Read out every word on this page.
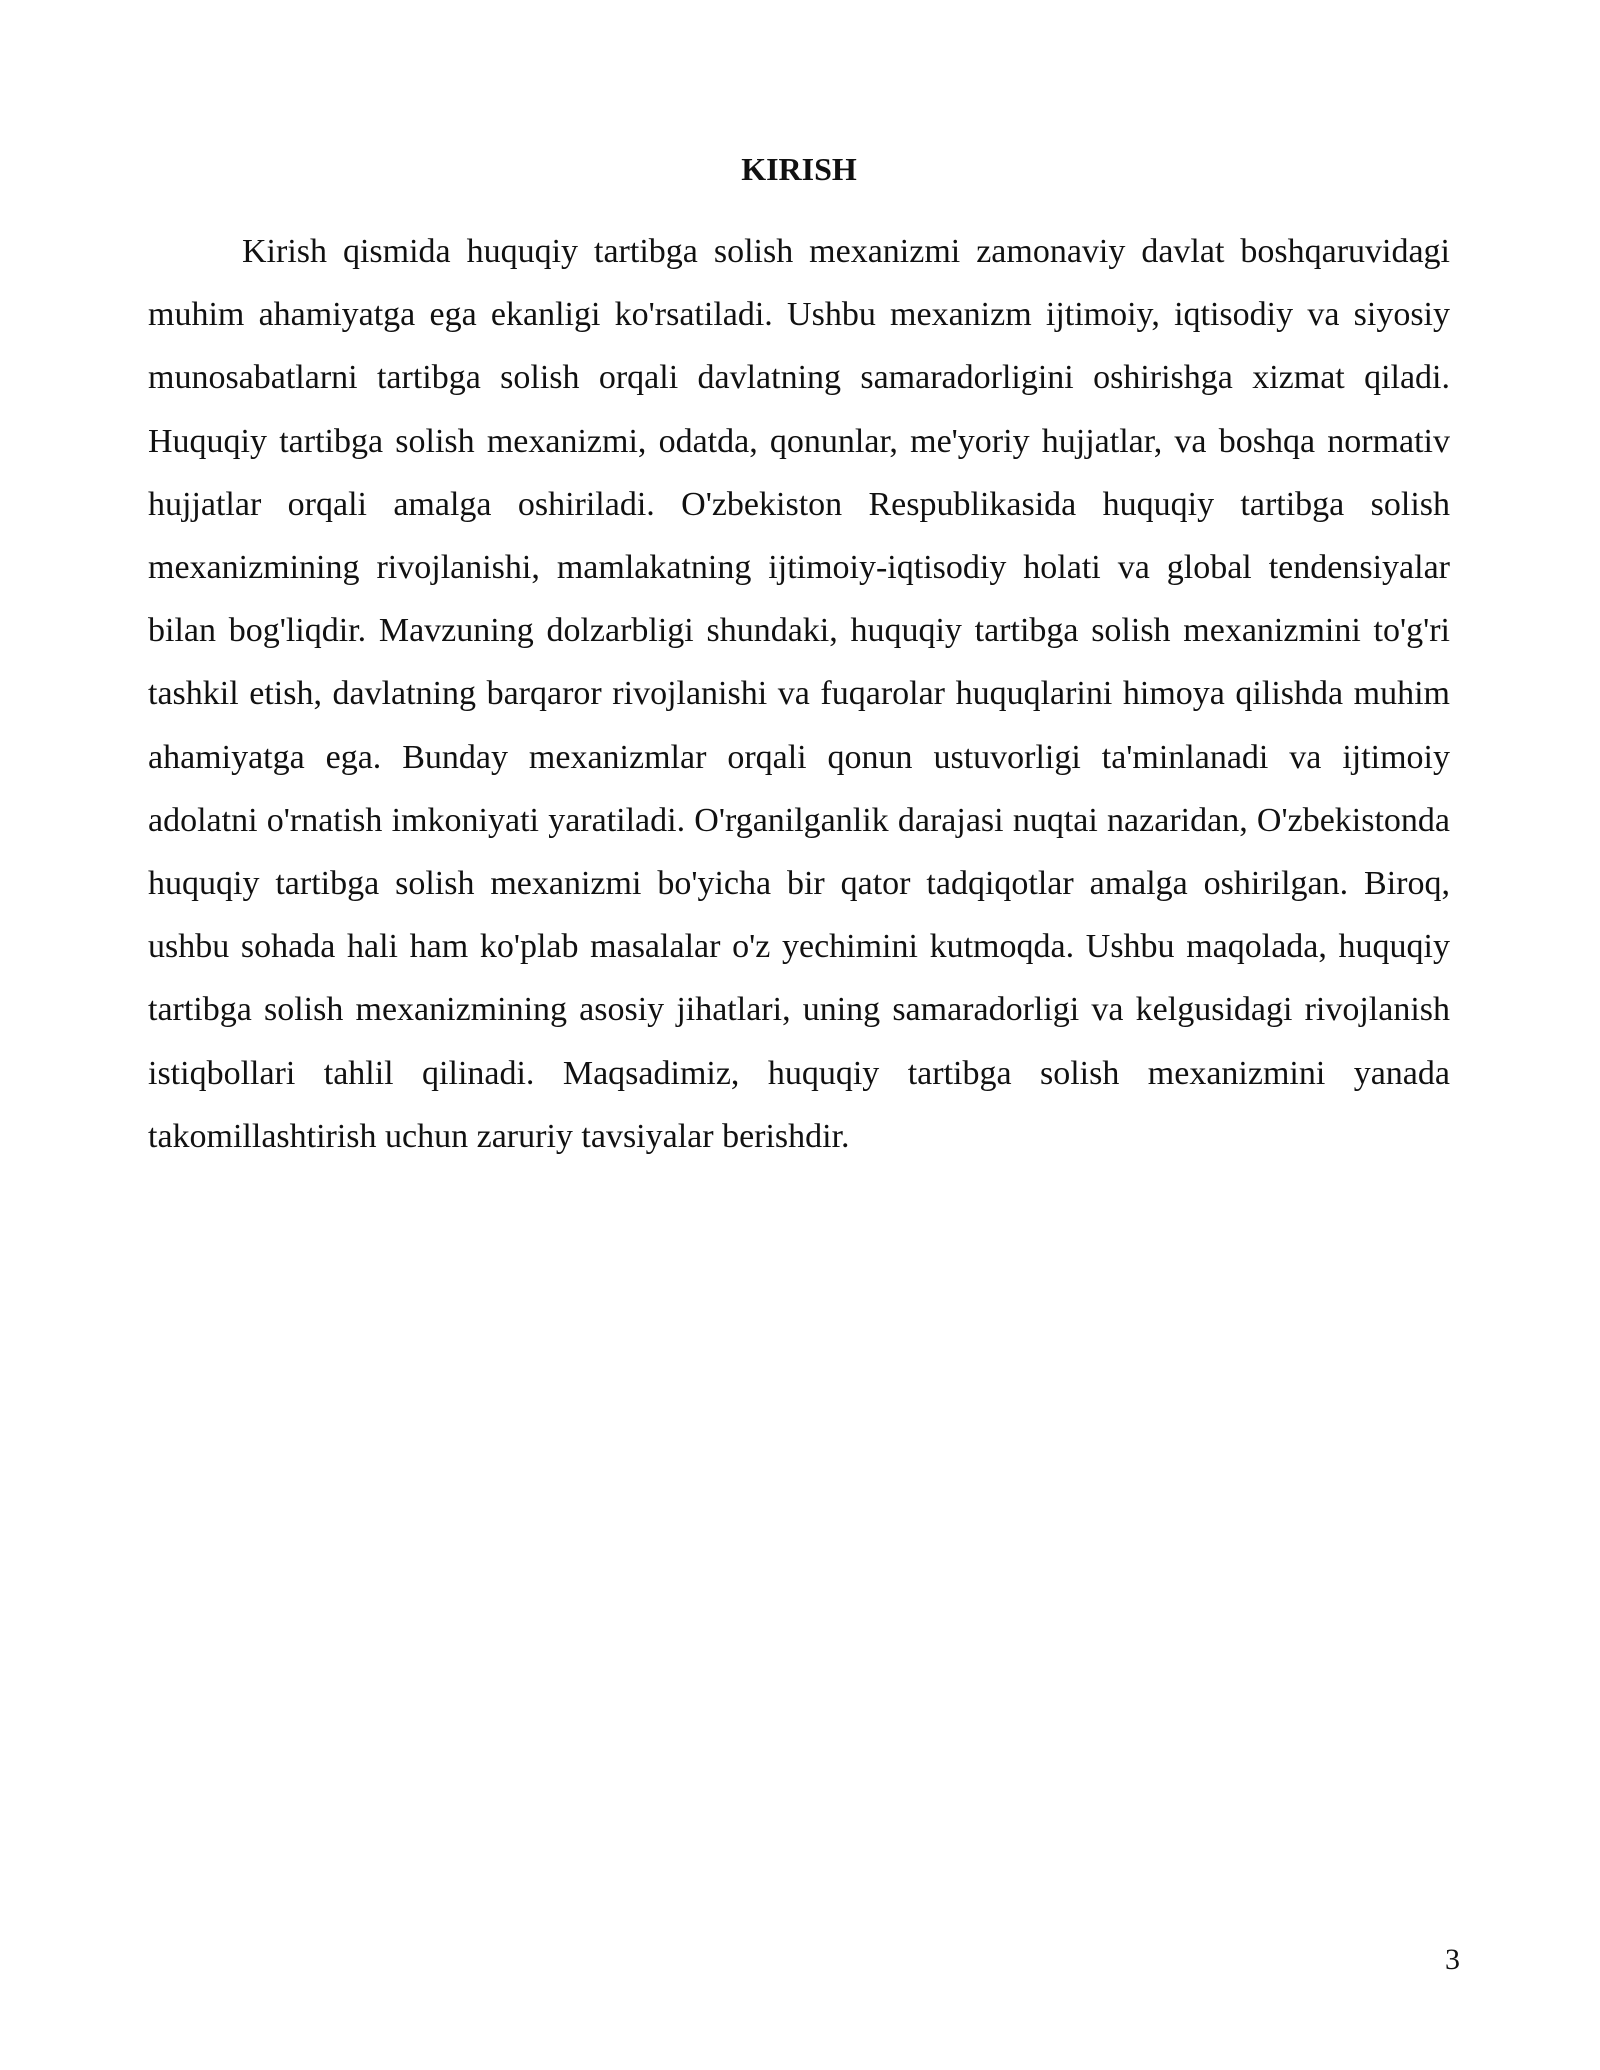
KIRISH

Kirish qismida huquqiy tartibga solish mexanizmi zamonaviy davlat boshqaruvidagi muhim ahamiyatga ega ekanligi ko'rsatiladi. Ushbu mexanizm ijtimoiy, iqtisodiy va siyosiy munosabatlarni tartibga solish orqali davlatning samaradorligini oshirishga xizmat qiladi. Huquqiy tartibga solish mexanizmi, odatda, qonunlar, me'yoriy hujjatlar, va boshqa normativ hujjatlar orqali amalga oshiriladi. O'zbekiston Respublikasida huquqiy tartibga solish mexanizmining rivojlanishi, mamlakatning ijtimoiy-iqtisodiy holati va global tendensiyalar bilan bog'liqdir. Mavzuning dolzarbligi shundaki, huquqiy tartibga solish mexanizmini to'g'ri tashkil etish, davlatning barqaror rivojlanishi va fuqarolar huquqlarini himoya qilishda muhim ahamiyatga ega. Bunday mexanizmlar orqali qonun ustuvorligi ta'minlanadi va ijtimoiy adolatni o'rnatish imkoniyati yaratiladi. O'rganilganlik darajasi nuqtai nazaridan, O'zbekistonda huquqiy tartibga solish mexanizmi bo'yicha bir qator tadqiqotlar amalga oshirilgan. Biroq, ushbu sohada hali ham ko'plab masalalar o'z yechimini kutmoqda. Ushbu maqolada, huquqiy tartibga solish mexanizmining asosiy jihatlari, uning samaradorligi va kelgusidagi rivojlanish istiqbollari tahlil qilinadi. Maqsadimiz, huquqiy tartibga solish mexanizmini yanada takomillashtirish uchun zaruriy tavsiyalar berishdir.

3
